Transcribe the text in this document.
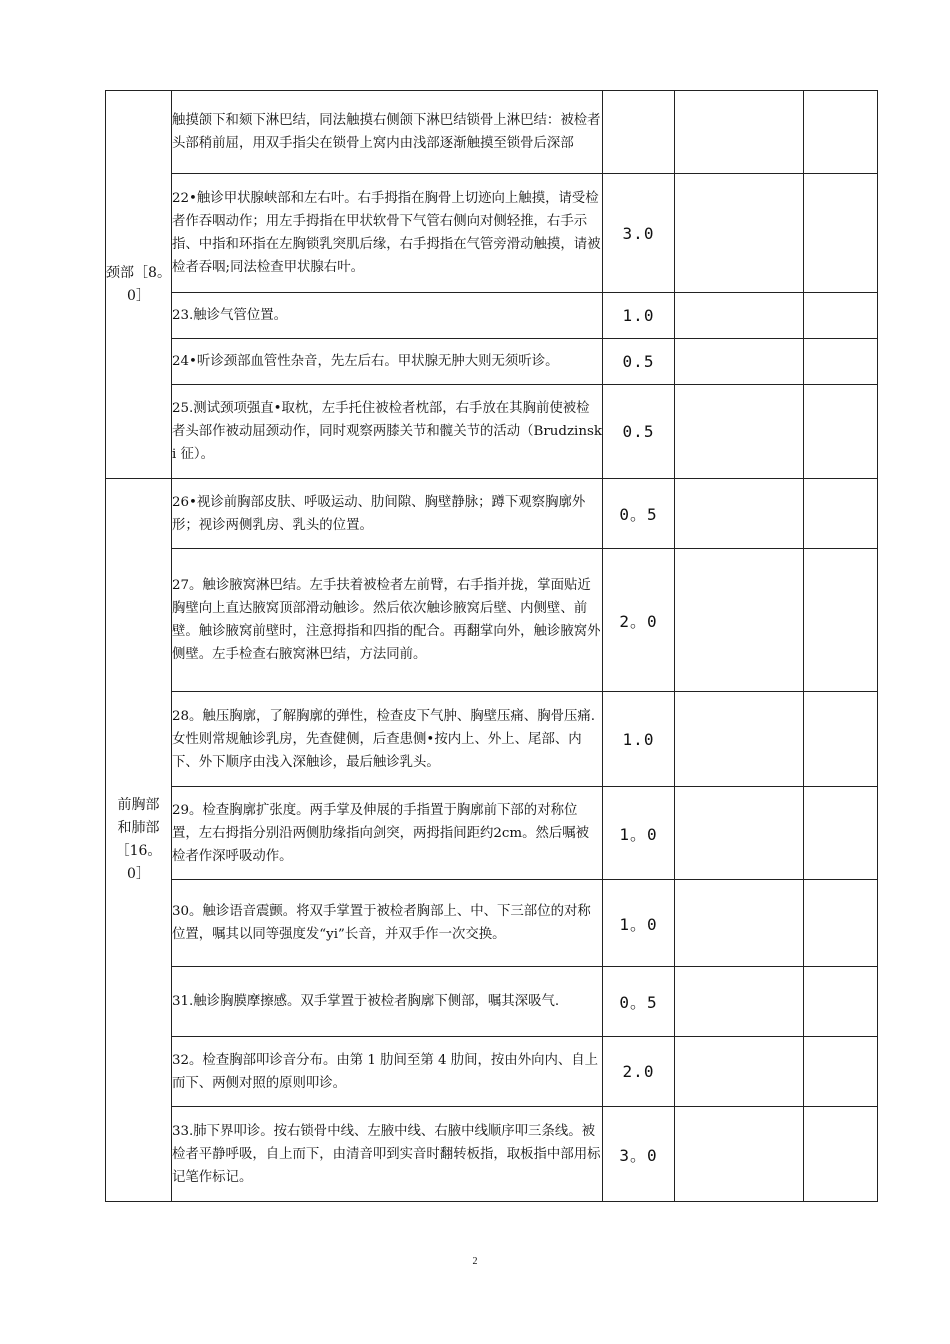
颈部［8。0］	触摸颌下和颏下淋巴结，同法触摸右侧颌下淋巴结锁骨上淋巴结：被检者头部稍前屈，用双手指尖在锁骨上窝内由浅部逐渐触摸至锁骨后深部			
	22•触诊甲状腺峡部和左右叶。右手拇指在胸骨上切迹向上触摸，请受检者作吞咽动作；用左手拇指在甲状软骨下气管右侧向对侧轻推，右手示指、中指和环指在左胸锁乳突肌后缘，右手拇指在气管旁滑动触摸，请被检者吞咽;同法检查甲状腺右叶。	3.0		
	23.触诊气管位置。	1.0		
	24•听诊颈部血管性杂音，先左后右。甲状腺无肿大则无须听诊。	0.5		
	25.测试颈项强直•取枕，左手托住被检者枕部，右手放在其胸前使被检者头部作被动屈颈动作，同时观察两膝关节和髋关节的活动（Brudzinski 征）。	0.5		

前胸部和肺部［16。0］	26•视诊前胸部皮肤、呼吸运动、肋间隙、胸壁静脉；蹲下观察胸廓外形；视诊两侧乳房、乳头的位置。	0。5		
	27。触诊腋窝淋巴结。左手扶着被检者左前臂，右手指并拢，掌面贴近胸壁向上直达腋窝顶部滑动触诊。然后依次触诊腋窝后壁、内侧壁、前壁。触诊腋窝前壁时，注意拇指和四指的配合。再翻掌向外，触诊腋窝外侧壁。左手检查右腋窝淋巴结，方法同前。	2。0		
	28。触压胸廓，了解胸廓的弹性，检查皮下气肿、胸壁压痛、胸骨压痛.女性则常规触诊乳房，先查健侧，后查患侧•按内上、外上、尾部、内下、外下顺序由浅入深触诊，最后触诊乳头。	1.0		
	29。检查胸廓扩张度。两手掌及伸展的手指置于胸廓前下部的对称位置，左右拇指分别沿两侧肋缘指向剑突，两拇指间距约2cm。然后嘱被检者作深呼吸动作。	1。0		
	30。触诊语音震颤。将双手掌置于被检者胸部上、中、下三部位的对称位置，嘱其以同等强度发“yi”长音，并双手作一次交换。	1。0		
	31.触诊胸膜摩擦感。双手掌置于被检者胸廓下侧部，嘱其深吸气.	0。5		
	32。检查胸部叩诊音分布。由第 1 肋间至第 4 肋间，按由外向内、自上而下、两侧对照的原则叩诊。	2.0		
	33.肺下界叩诊。按右锁骨中线、左腋中线、右腋中线顺序叩三条线。被检者平静呼吸，自上而下，由清音叩到实音时翻转板指，取板指中部用标记笔作标记。	3。0		
2
